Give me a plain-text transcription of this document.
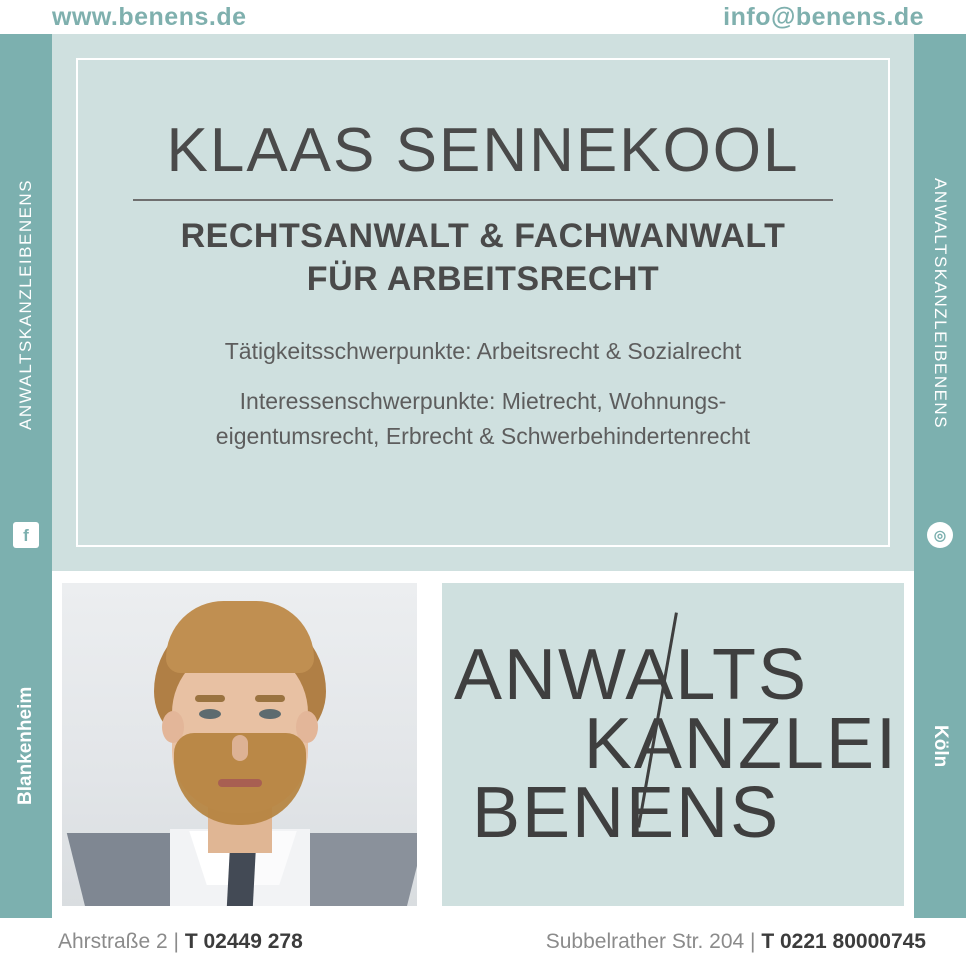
www.benens.de	info@benens.de
ANWALTSKANZLEIBENENS
f
Blankenheim
ANWALTSKANZLEIBENENS
◎
Köln
KLAAS SENNEKOOL
RECHTSANWALT & FACHWANWALT
FÜR ARBEITSRECHT
Tätigkeitsschwerpunkte: Arbeitsrecht & Sozialrecht
Interessenschwerpunkte: Mietrecht, Wohnungs-
eigentumsrecht, Erbrecht & Schwerbehindertenrecht
ANWALTS
KANZLEI
BENENS
Ahrstraße 2 | T 02449 278	Subbelrather Str. 204 | T 0221 80000745
